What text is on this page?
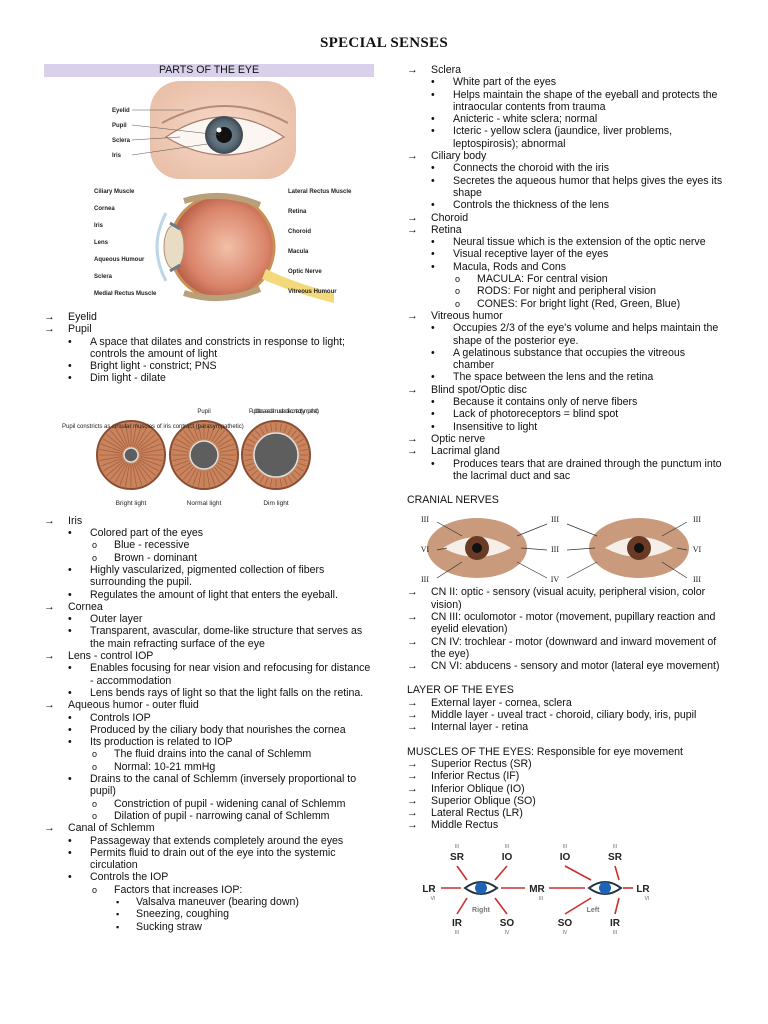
SPECIAL SENSES
PARTS OF THE EYE
Eyelid
Pupil
Sclera
Iris
Ciliary Muscle
Cornea
Iris
Lens
Aqueous Humour
Sclera
Medial Rectus Muscle
Lateral Rectus Muscle
Retina
Choroid
Macula
Optic Nerve
Vitreous Humour
→ Eyelid
→ Pupil
• A space that dilates and constricts in response to light; controls the amount of light
• Bright light - constrict; PNS
• Dim light - dilate
Pupil constricts as circular muscles of iris contract (parasympathetic)
Pupil	Pupil dilates as radial muscles of iris contract (sympathetic)
Bright light	Normal light	Dim light
→ Iris
• Colored part of the eyes
o Blue - recessive
o Brown - dominant
• Highly vascularized, pigmented collection of fibers surrounding the pupil.
• Regulates the amount of light that enters the eyeball.
→ Cornea
• Outer layer
• Transparent, avascular, dome-like structure that serves as the main refracting surface of the eye
→ Lens - control IOP
• Enables focusing for near vision and refocusing for distance - accommodation
• Lens bends rays of light so that the light falls on the retina.
→ Aqueous humor - outer fluid
• Controls IOP
• Produced by the ciliary body that nourishes the cornea
• Its production is related to IOP
o The fluid drains into the canal of Schlemm
o Normal: 10-21 mmHg
• Drains to the canal of Schlemm (inversely proportional to pupil)
o Constriction of pupil - widening canal of Schlemm
o Dilation of pupil - narrowing canal of Schlemm
→ Canal of Schlemm
• Passageway that extends completely around the eyes
• Permits fluid to drain out of the eye into the systemic circulation
• Controls the IOP
o Factors that increases IOP:
▪ Valsalva maneuver (bearing down)
▪ Sneezing, coughing
▪ Sucking straw
→ Sclera
• White part of the eyes
• Helps maintain the shape of the eyeball and protects the intraocular contents from trauma
• Anicteric - white sclera; normal
• Icteric - yellow sclera (jaundice, liver problems, leptospirosis); abnormal
→ Ciliary body
• Connects the choroid with the iris
• Secretes the aqueous humor that helps gives the eyes its shape
• Controls the thickness of the lens
→ Choroid
→ Retina
• Neural tissue which is the extension of the optic nerve
• Visual receptive layer of the eyes
• Macula, Rods and Cons
o MACULA: For central vision
o RODS: For night and peripheral vision
o CONES: For bright light (Red, Green, Blue)
→ Vitreous humor
• Occupies 2/3 of the eye's volume and helps maintain the shape of the posterior eye.
• A gelatinous substance that occupies the vitreous chamber
• The space between the lens and the retina
→ Blind spot/Optic disc
• Because it contains only of nerve fibers
• Lack of photoreceptors = blind spot
• Insensitive to light
→ Optic nerve
→ Lacrimal gland
• Produces tears that are drained through the punctum into the lacrimal duct and sac
CRANIAL NERVES
III
VI
III
III
III
IV
III
VI
III
→ CN II: optic - sensory (visual acuity, peripheral vision, color vision)
→ CN III: oculomotor - motor (movement, pupillary reaction and eyelid elevation)
→ CN IV: trochlear - motor (downward and inward movement of the eye)
→ CN VI: abducens - sensory and motor (lateral eye movement)
LAYER OF THE EYES
→ External layer - cornea, sclera
→ Middle layer - uveal tract - choroid, ciliary body, iris, pupil
→ Internal layer - retina
MUSCLES OF THE EYES: Responsible for eye movement
→ Superior Rectus (SR)
→ Inferior Rectus (IF)
→ Inferior Oblique (IO)
→ Superior Oblique (SO)
→ Lateral Rectus (LR)
→ Middle Rectus
SR	IO	IO	SR
III	III	III	III
LR	MR	LR
VI	III	VI
IR	SO	SO	IR
III	IV	IV	III
Right	Left
